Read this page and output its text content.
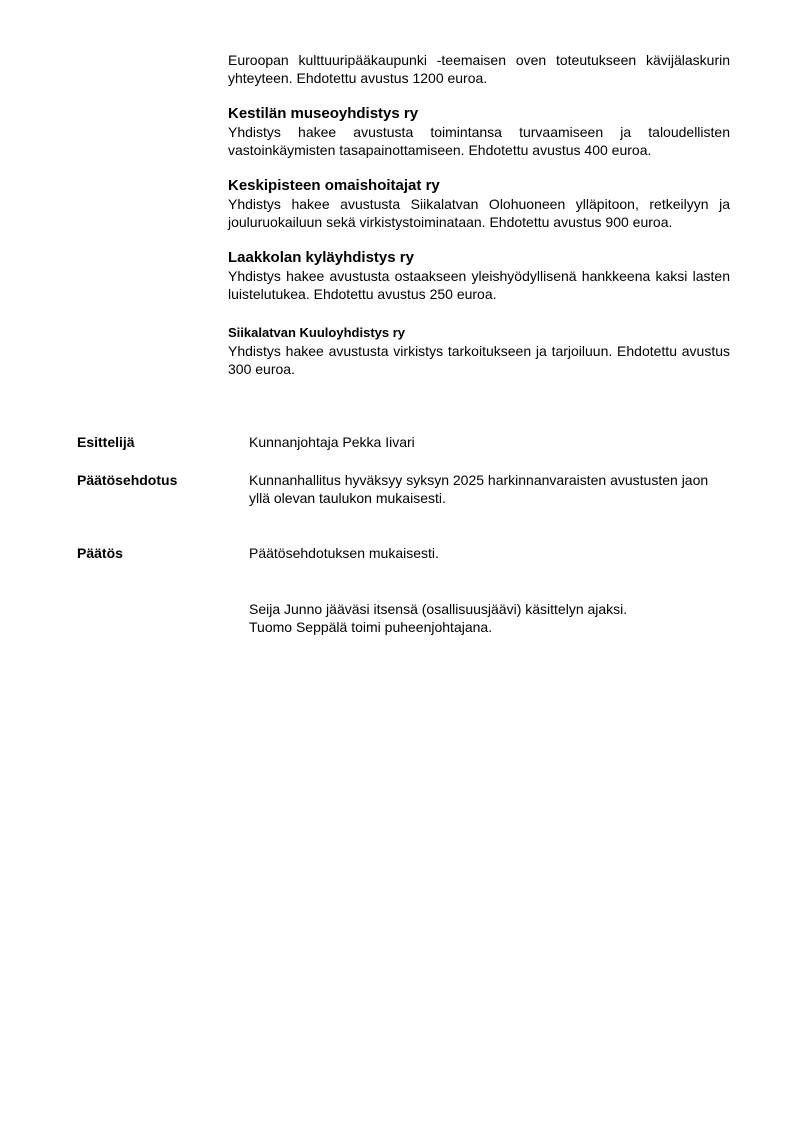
Euroopan kulttuuripääkaupunki -teemaisen oven toteutukseen kävijälaskurin yhteyteen. Ehdotettu avustus 1200 euroa.

Kestilän museoyhdistys ry

Yhdistys hakee avustusta toimintansa turvaamiseen ja taloudellisten vastoinkäymisten tasapainottamiseen. Ehdotettu avustus 400 euroa.

Keskipisteen omaishoitajat ry

Yhdistys hakee avustusta Siikalatvan Olohuoneen ylläpitoon, retkeilyyn ja jouluruokailuun sekä virkistystoiminataan. Ehdotettu avustus 900 euroa.

Laakkolan kyläyhdistys ry

Yhdistys hakee avustusta ostaakseen yleishyödyllisenä hankkeena kaksi lasten luistelutukea. Ehdotettu avustus 250 euroa.

Siikalatvan Kuuloyhdistys ry

Yhdistys hakee avustusta virkistys tarkoitukseen ja tarjoiluun. Ehdotettu avustus 300 euroa.

Esittelijä	Kunnanjohtaja Pekka Iivari
Päätösehdotus	Kunnanhallitus hyväksyy syksyn 2025 harkinnanvaraisten avustusten jaon yllä olevan taulukon mukaisesti.
Päätös	Päätösehdotuksen mukaisesti.

Seija Junno jääväsi itsensä (osallisuusjäävi) käsittelyn ajaksi.

Tuomo Seppälä toimi puheenjohtajana.
